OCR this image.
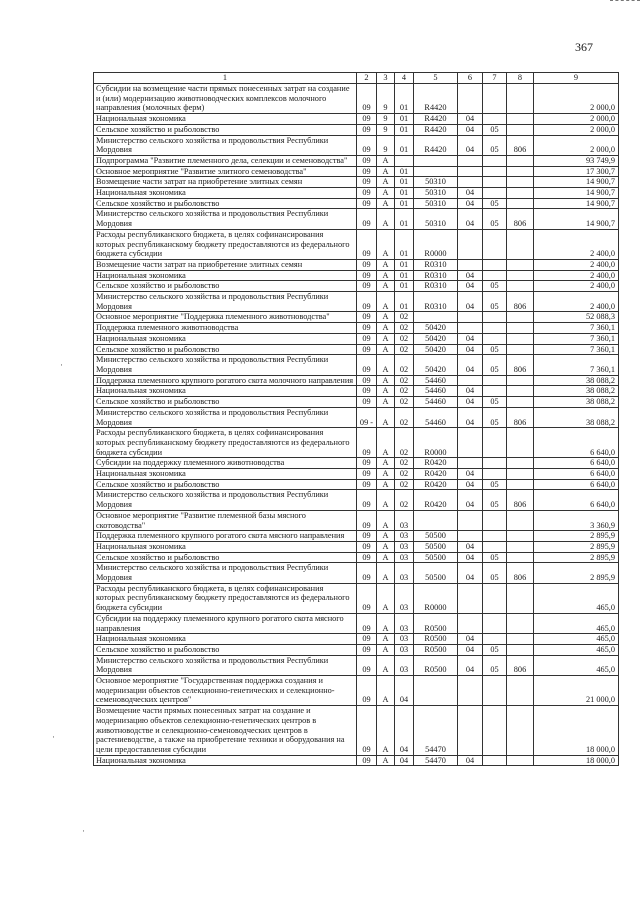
367
·
·
·
1	2	3	4	5	6	7	8	9
Субсидии на возмещение части прямых понесенных затрат на создание и (или) модернизацию животноводческих комплексов молочного направления (молочных ферм)	09	9	01	R4420				2 000,0
Национальная экономика	09	9	01	R4420	04			2 000,0
Сельское хозяйство и рыболовство	09	9	01	R4420	04	05		2 000,0
Министерство сельского хозяйства и продовольствия Республики Мордовия	09	9	01	R4420	04	05	806	2 000,0
Подпрограмма "Развитие племенного дела, селекции и семеноводства"	09	А						93 749,9
Основное мероприятие "Развитие элитного семеноводства"	09	А	01					17 300,7
Возмещение части затрат на приобретение элитных семян	09	А	01	50310				14 900,7
Национальная экономика	09	А	01	50310	04			14 900,7
Сельское хозяйство и рыболовство	09	А	01	50310	04	05		14 900,7
Министерство сельского хозяйства и продовольствия Республики Мордовия	09	А	01	50310	04	05	806	14 900,7
Расходы республиканского бюджета, в целях софинансирования которых республиканскому бюджету предоставляются из федерального бюджета субсидии	09	А	01	R0000				2 400,0
Возмещение части затрат на приобретение элитных семян	09	А	01	R0310				2 400,0
Национальная экономика	09	А	01	R0310	04			2 400,0
Сельское хозяйство и рыболовство	09	А	01	R0310	04	05		2 400,0
Министерство сельского хозяйства и продовольствия Республики Мордовия	09	А	01	R0310	04	05	806	2 400,0
Основное мероприятие "Поддержка племенного животноводства"	09	А	02					52 088,3
Поддержка племенного животноводства	09	А	02	50420				7 360,1
Национальная экономика	09	А	02	50420	04			7 360,1
Сельское хозяйство и рыболовство	09	А	02	50420	04	05		7 360,1
Министерство сельского хозяйства и продовольствия Республики Мордовия	09	А	02	50420	04	05	806	7 360,1
Поддержка племенного крупного рогатого скота молочного направления	09	А	02	54460				38 088,2
Национальная экономика	09	А	02	54460	04			38 088,2
Сельское хозяйство и рыболовство	09	А	02	54460	04	05		38 088,2
Министерство сельского хозяйства и продовольствия Республики Мордовия	09 -	А	02	54460	04	05	806	38 088,2
Расходы республиканского бюджета, в целях софинансирования которых республиканскому бюджету предоставляются из федерального бюджета субсидии	09	А	02	R0000				6 640,0
Субсидии на поддержку племенного животноводства	09	А	02	R0420				6 640,0
Национальная экономика	09	А	02	R0420	04			6 640,0
Сельское хозяйство и рыболовство	09	А	02	R0420	04	05		6 640,0
Министерство сельского хозяйства и продовольствия Республики Мордовия	09	А	02	R0420	04	05	806	6 640,0
Основное мероприятие "Развитие племенной базы мясного скотоводства"	09	А	03					3 360,9
Поддержка племенного крупного рогатого скота мясного направления	09	А	03	50500				2 895,9
Национальная экономика	09	А	03	50500	04			2 895,9
Сельское хозяйство и рыболовство	09	А	03	50500	04	05		2 895,9
Министерство сельского хозяйства и продовольствия Республики Мордовия	09	А	03	50500	04	05	806	2 895,9
Расходы республиканского бюджета, в целях софинансирования которых республиканскому бюджету предоставляются из федерального бюджета субсидии	09	А	03	R0000				465,0
Субсидии на поддержку племенного крупного рогатого скота мясного направления	09	А	03	R0500				465,0
Национальная экономика	09	А	03	R0500	04			465,0
Сельское хозяйство и рыболовство	09	А	03	R0500	04	05		465,0
Министерство сельского хозяйства и продовольствия Республики Мордовия	09	А	03	R0500	04	05	806	465,0
Основное мероприятие "Государственная поддержка создания и модернизации объектов селекционно-генетических и селекционно-семеноводческих центров"	09	А	04					21 000,0
Возмещение части прямых понесенных затрат на создание и модернизацию объектов селекционно-генетических центров в животноводстве и селекционно-семеноводческих центров в растениеводстве, а также на приобретение техники и оборудования на цели предоставления субсидии	09	А	04	54470				18 000,0
Национальная экономика	09	А	04	54470	04			18 000,0
